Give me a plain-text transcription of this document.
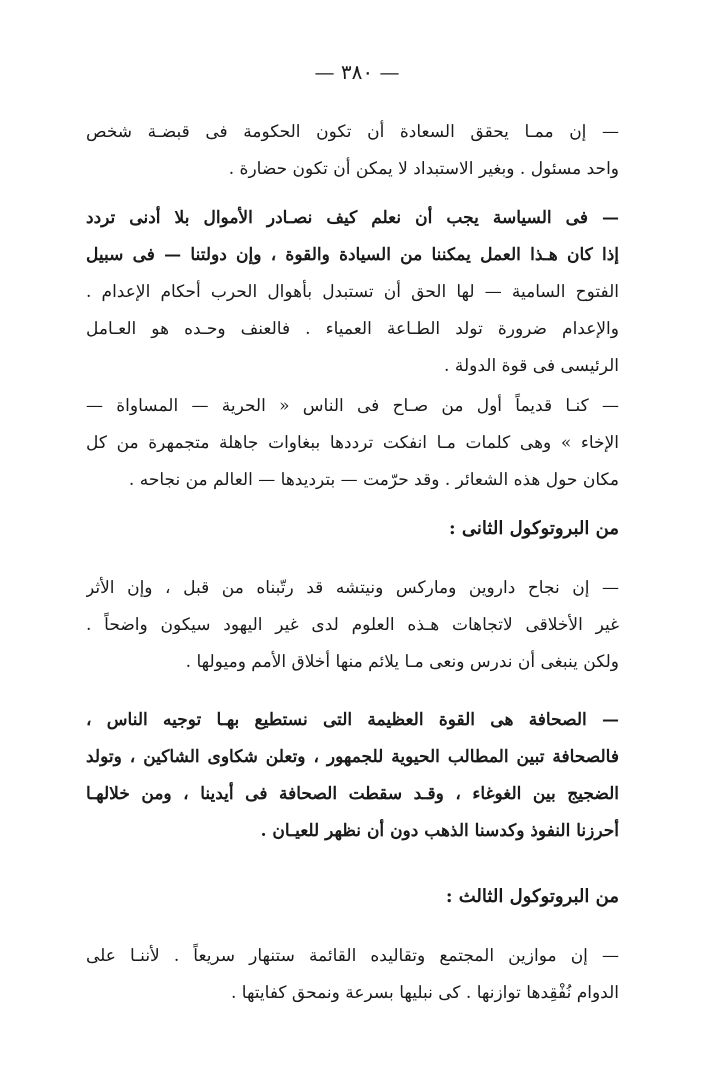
— ٣٨٠ —
— إن ممـا يحقق السعادة أن تكون الحكومة فى قبضـة شخص
واحد مسئول . وبغير الاستبداد لا يمكن أن تكون حضارة .
— فى السياسة يجب أن نعلم كيف نصـادر الأموال بلا أدنى تردد
إذا كان هـذا العمل يمكننا من السيادة والقوة ، وإن دولتنا — فى سبيل
الفتوح السامية — لها الحق أن تستبدل بأهوال الحرب أحكام الإعدام .
والإعدام ضرورة تولد الطـاعة العمياء . فالعنف وحـده هو العـامل
الرئيسى فى قوة الدولة .
— كنـا قديماً أول من صـاح فى الناس « الحرية — المساواة —
الإخاء » وهى كلمات مـا انفكت ترددها ببغاوات جاهلة متجمهرة من كل
مكان حول هذه الشعائر . وقد حرّمت — بترديدها — العالم من نجاحه .
من البروتوكول الثانى :
— إن نجاح داروين وماركس ونيتشه قد رتّبناه من قبل ، وإن الأثر
غير الأخلاقى لاتجاهات هـذه العلوم لدى غير اليهود سيكون واضحاً .
ولكن ينبغى أن ندرس ونعى مـا يلائم منها أخلاق الأمم وميولها .
— الصحافة هى القوة العظيمة التى نستطيع بهـا توجيه الناس ،
فالصحافة تبين المطالب الحيوية للجمهور ، وتعلن شكاوى الشاكين ، وتولد
الضجيج بين الغوغاء ، وقـد سقطت الصحافة فى أيدينا ، ومن خلالهـا
أحرزنا النفوذ وكدسنا الذهب دون أن نظهر للعيـان .
من البروتوكول الثالث :
— إن موازين المجتمع وتقاليده القائمة ستنهار سريعاً . لأننـا على
الدوام نُفْقِدها توازنها . كى نبليها بسرعة ونمحق كفايتها .
